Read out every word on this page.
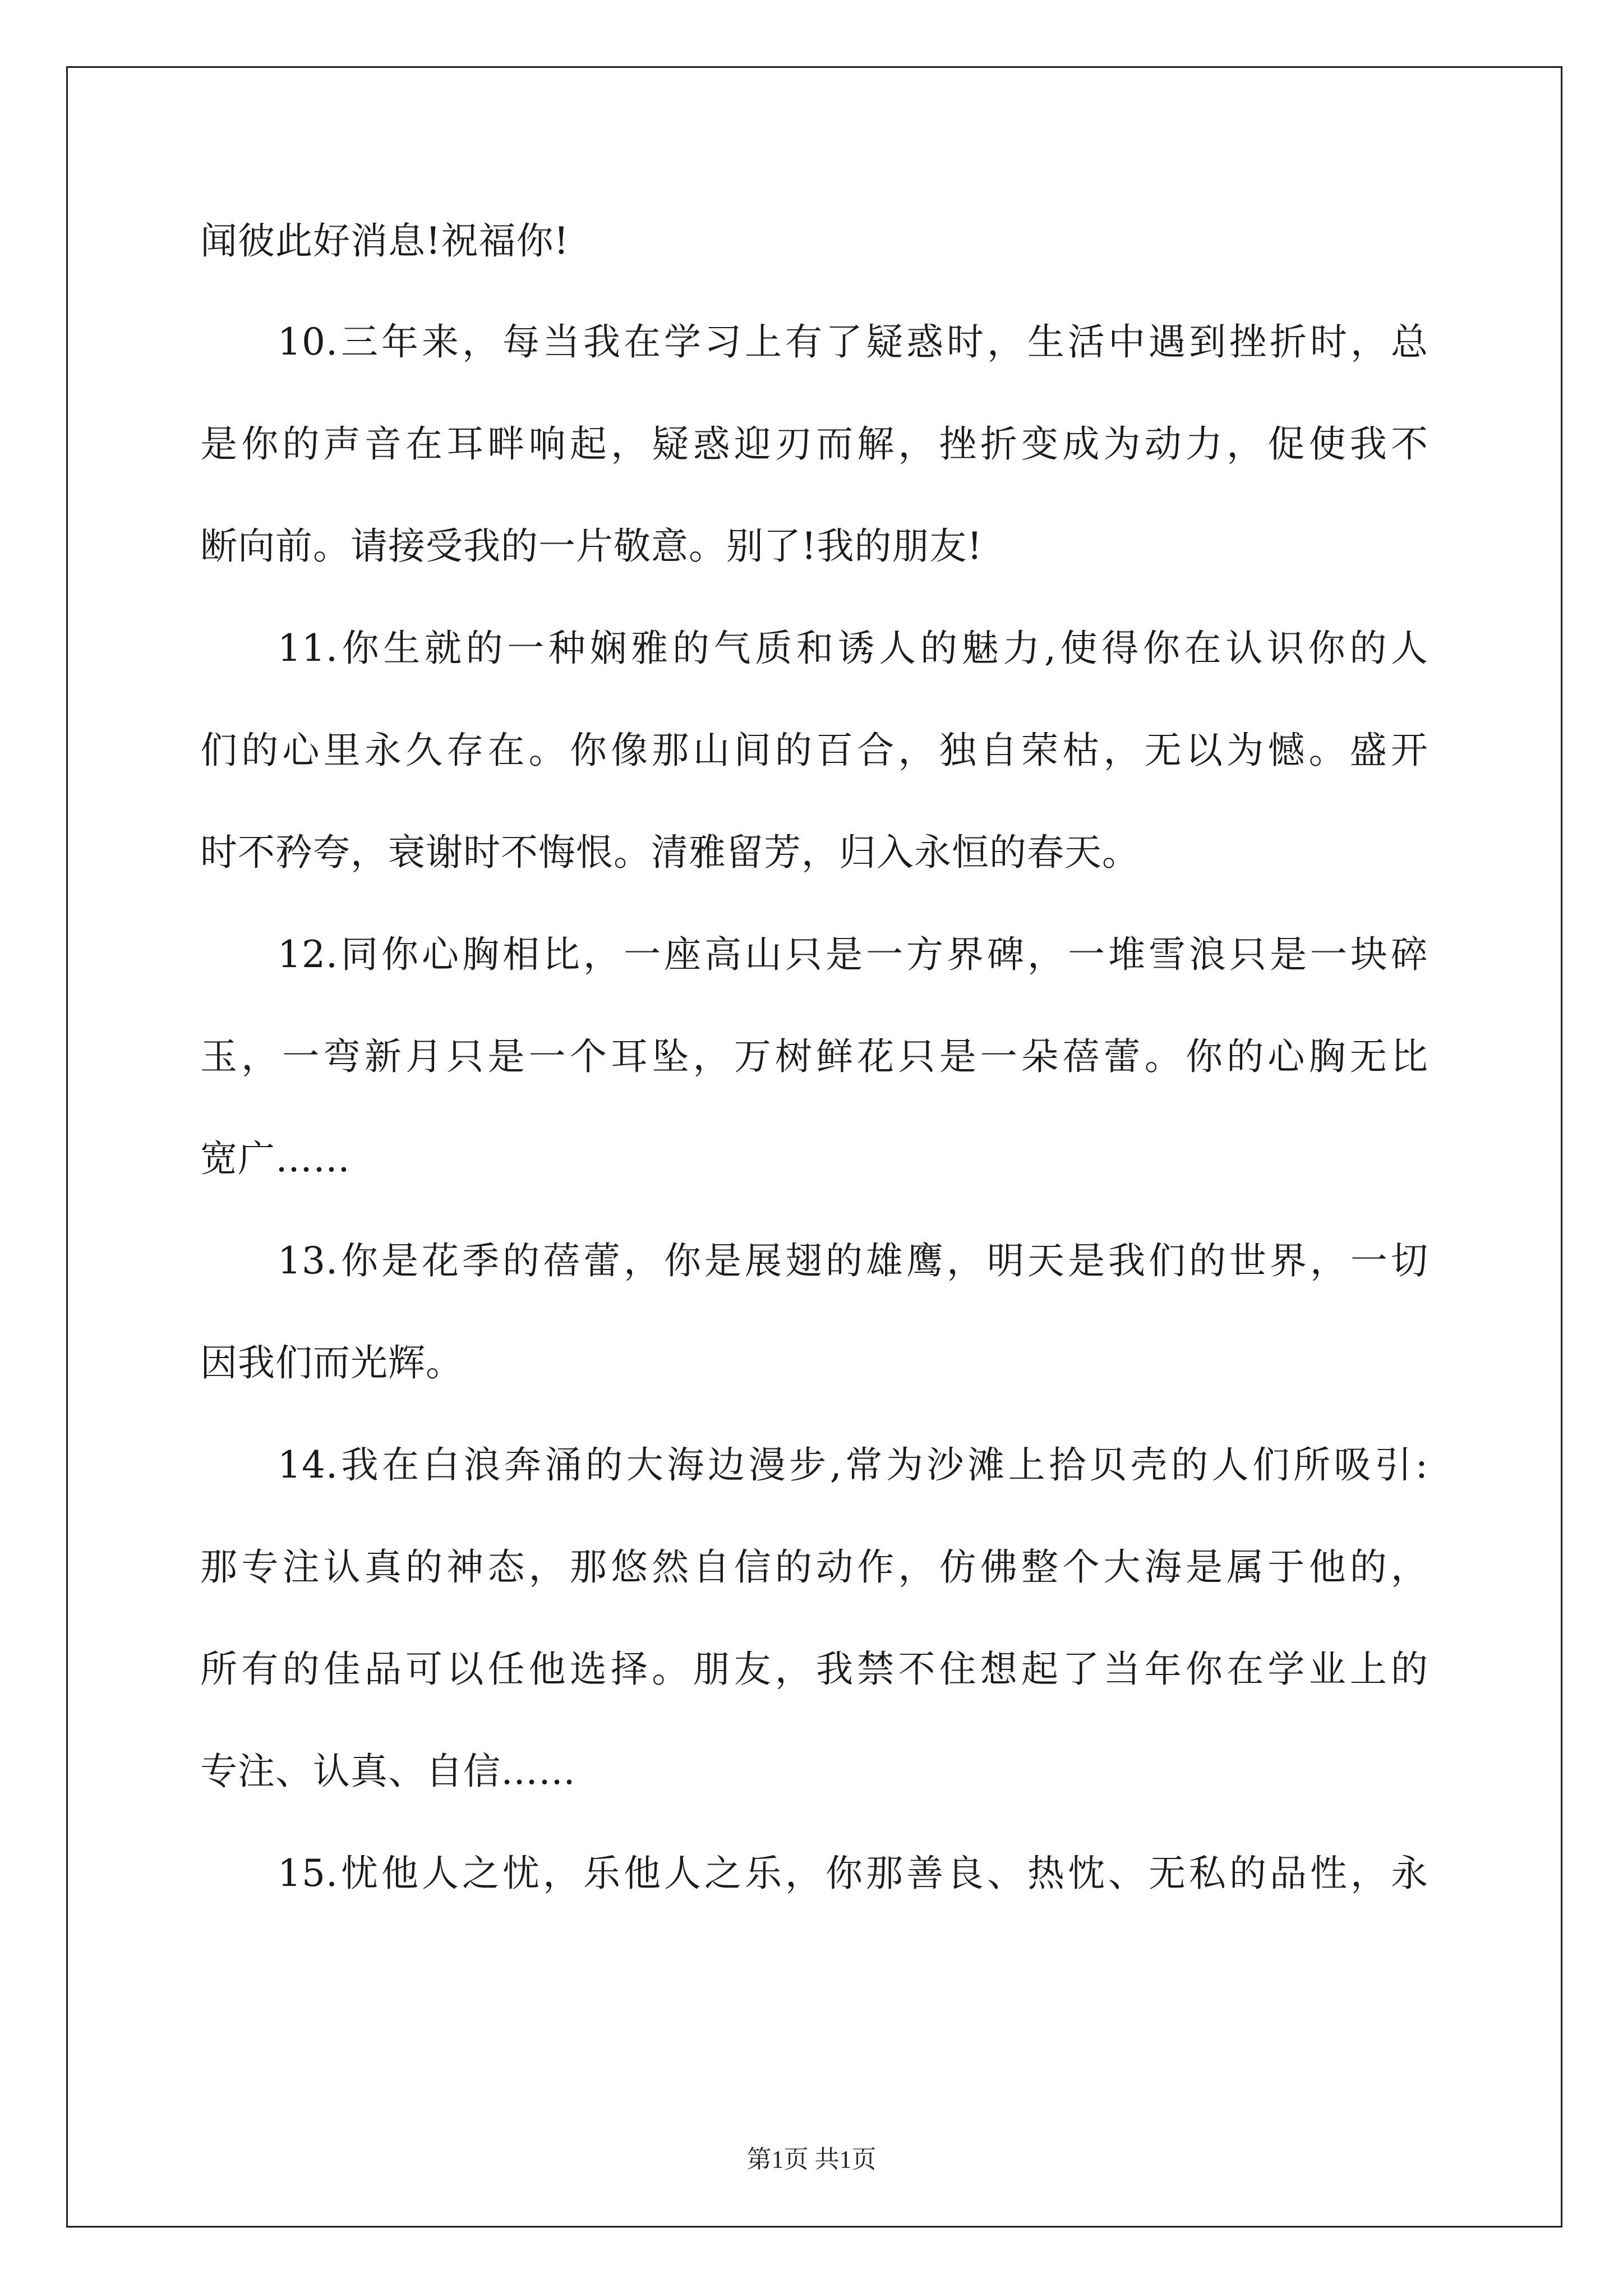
闻彼此好消息!祝福你!
10.三年来，每当我在学习上有了疑惑时，生活中遇到挫折时，总
是你的声音在耳畔响起，疑惑迎刃而解，挫折变成为动力，促使我不
断向前。请接受我的一片敬意。别了!我的朋友!
11.你生就的一种娴雅的气质和诱人的魅力,使得你在认识你的人
们的心里永久存在。你像那山间的百合，独自荣枯，无以为憾。盛开
时不矜夸，衰谢时不悔恨。清雅留芳，归入永恒的春天。
12.同你心胸相比，一座高山只是一方界碑，一堆雪浪只是一块碎
玉，一弯新月只是一个耳坠，万树鲜花只是一朵蓓蕾。你的心胸无比
宽广……
13.你是花季的蓓蕾，你是展翅的雄鹰，明天是我们的世界，一切
因我们而光辉。
14.我在白浪奔涌的大海边漫步,常为沙滩上拾贝壳的人们所吸引:
那专注认真的神态，那悠然自信的动作，仿佛整个大海是属于他的，
所有的佳品可以任他选择。朋友，我禁不住想起了当年你在学业上的
专注、认真、自信……
15.忧他人之忧，乐他人之乐，你那善良、热忱、无私的品性，永
第1页 共1页
